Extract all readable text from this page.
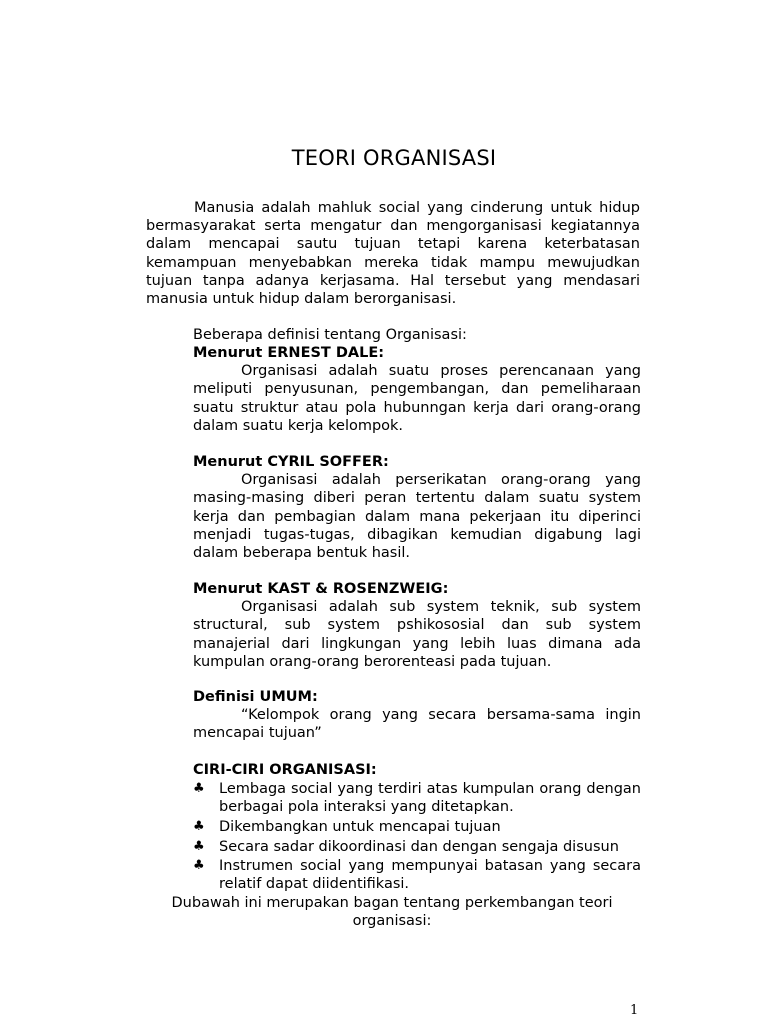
TEORI ORGANISASI

Manusia adalah mahluk social yang cinderung untuk hidup bermasyarakat serta mengatur dan mengorganisasi kegiatannya dalam mencapai sautu tujuan tetapi karena keterbatasan kemampuan menyebabkan mereka tidak mampu mewujudkan tujuan tanpa adanya kerjasama. Hal tersebut yang mendasari manusia untuk hidup dalam berorganisasi.

Beberapa definisi tentang Organisasi:
Menurut ERNEST DALE:

Organisasi adalah suatu proses perencanaan yang meliputi penyusunan, pengembangan, dan pemeliharaan suatu struktur atau pola hubunngan kerja dari orang-orang dalam suatu kerja kelompok.

Menurut CYRIL SOFFER:

Organisasi adalah perserikatan orang-orang yang masing-masing diberi peran tertentu dalam suatu system kerja dan pembagian dalam mana pekerjaan itu diperinci menjadi tugas-tugas, dibagikan kemudian digabung lagi dalam beberapa bentuk hasil.

Menurut KAST & ROSENZWEIG:

Organisasi adalah sub system teknik, sub system structural, sub system pshikososial dan sub system manajerial dari lingkungan yang lebih luas dimana ada kumpulan orang-orang berorenteasi pada tujuan.

Definisi UMUM:

“Kelompok orang yang secara bersama-sama ingin mencapai tujuan”

CIRI-CIRI ORGANISASI:
♣ Lembaga social yang terdiri atas kumpulan orang dengan berbagai pola interaksi yang ditetapkan.
♣ Dikembangkan untuk mencapai tujuan
♣ Secara sadar dikoordinasi dan dengan sengaja disusun
♣ Instrumen social yang mempunyai batasan yang secara relatif dapat diidentifikasi.
Dubawah ini merupakan bagan tentang perkembangan teori organisasi:
1
